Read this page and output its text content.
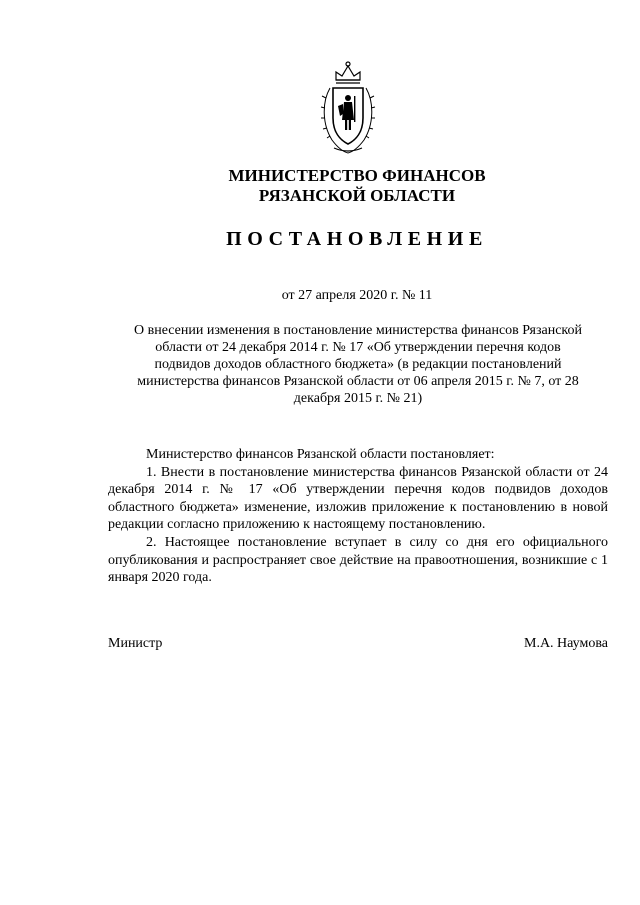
МИНИСТЕРСТВО ФИНАНСОВ
РЯЗАНСКОЙ ОБЛАСТИ
ПОСТАНОВЛЕНИЕ
от 27 апреля 2020 г. № 11
О внесении изменения в постановление министерства финансов Рязанской
области от 24 декабря 2014 г. № 17 «Об утверждении перечня кодов
подвидов доходов областного бюджета» (в редакции постановлений
министерства финансов Рязанской области от 06 апреля 2015 г. № 7, от 28
декабря 2015 г. № 21)

Министерство финансов Рязанской области постановляет:

1. Внести в постановление министерства финансов Рязанской области от 24 декабря 2014 г. № 17 «Об утверждении перечня кодов подвидов доходов областного бюджета» изменение, изложив приложение к постановлению в новой редакции согласно приложению к настоящему постановлению.

2. Настоящее постановление вступает в силу со дня его официального опубликования и распространяет свое действие на правоотношения, возникшие с 1 января 2020 года.

Министр	М.А. Наумова
